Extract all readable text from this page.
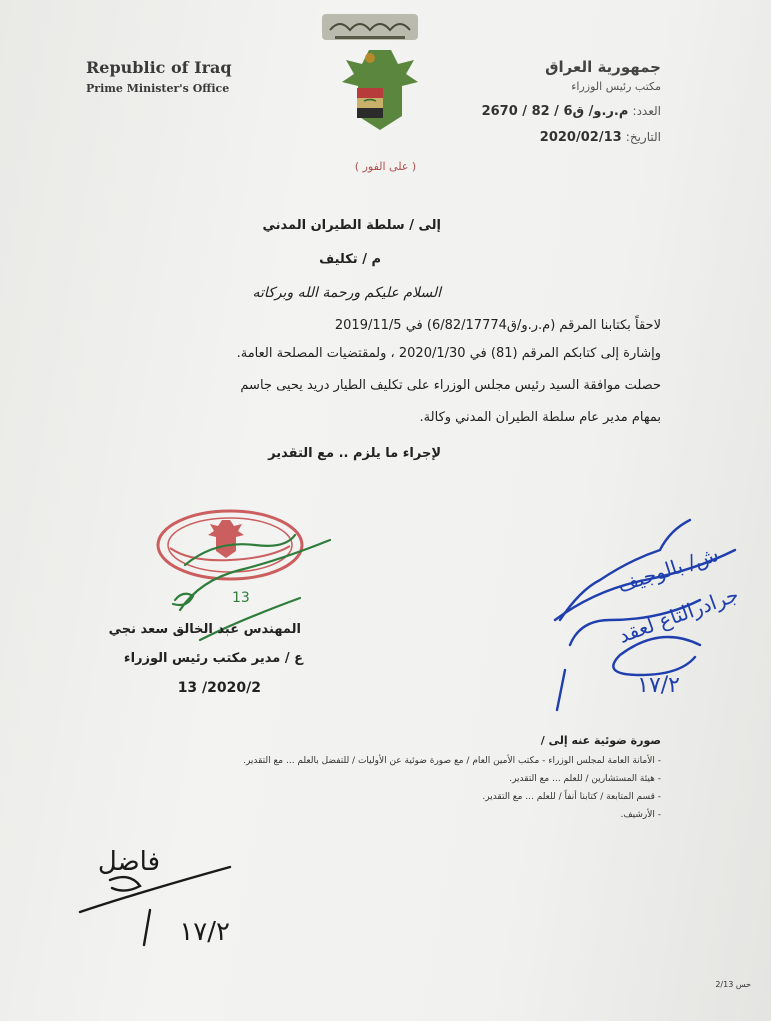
Republic of Iraq
Prime Minister's Office
جمهورية العراق
مكتب رئيس الوزراء
العدد: م.ر.و/ ق6 / 82 / 2670
التاريخ: 2020/02/13
( على الفور )
إلى / سلطة الطيران المدني
م / تكليف
السلام عليكم ورحمة الله وبركاته
لاحقاً بكتابنا المرقم (م.ر.و/ق6/82/17774) في 2019/11/5
وإشارة إلى كتابكم المرقم (81) في 2020/1/30 ، ولمقتضيات المصلحة العامة.
حصلت موافقة السيد رئيس مجلس الوزراء على تكليف الطيار دريد يحيى جاسم
بمهام مدير عام سلطة الطيران المدني وكالة.
لإجراء ما يلزم .. مع التقدير
13
ش/ بالوجيف
جرادرالتاع لعقد
١٧/٢
فاضل
١٧/٢
المهندس عبد الخالق سعد نجي
ع / مدير مكتب رئيس الوزراء
2020/2/ 13
صورة ضوئية عنه إلى /
- الأمانة العامة لمجلس الوزراء - مكتب الأمين العام / مع صورة ضوئية عن الأوليات / للتفضل بالعلم ... مع التقدير.
- هيئة المستشارين / للعلم ... مع التقدير.
- قسم المتابعة / كتابنا أنفاً / للعلم ... مع التقدير.
- الأرشيف.
حس 2/13
